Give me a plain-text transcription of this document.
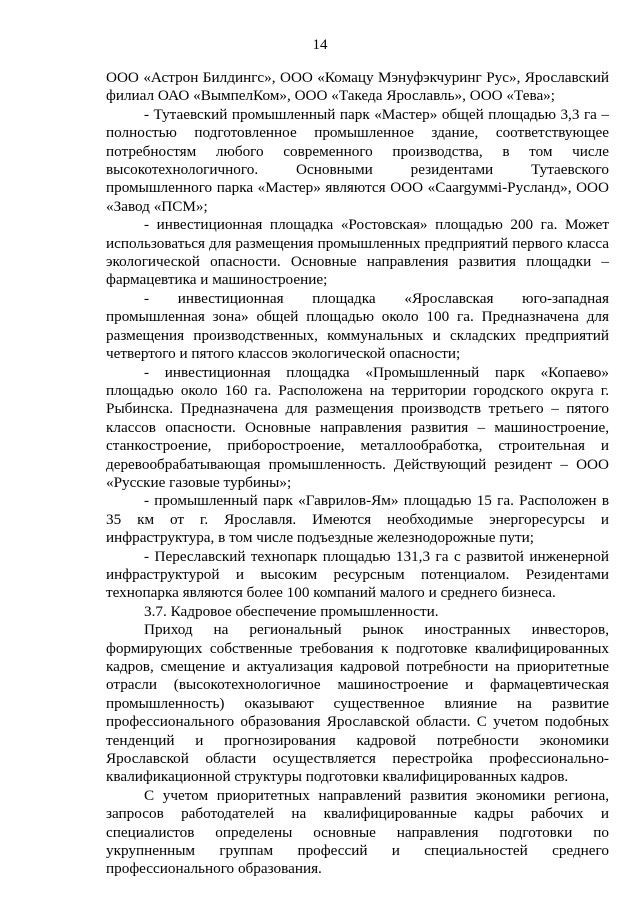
14

ООО «Астрон Билдингс», ООО «Комацу Мэнуфэкчуринг Рус», Ярославский филиал ОАО «ВымпелКом», ООО «Такеда Ярославль», ООО «Тева»;

- Тутаевский промышленный парк «Мастер» общей площадью 3,3 га – полностью подготовленное промышленное здание, соответствующее потребностям любого современного производства, в том числе высокотехнологичного. Основными резидентами Тутаевского промышленного парка «Мастер» являются ООО «Саargуммi-Русланд», ООО «Завод «ПСМ»;

- инвестиционная площадка «Ростовская» площадью 200 га. Может использоваться для размещения промышленных предприятий первого класса экологической опасности. Основные направления развития площадки – фармацевтика и машиностроение;

- инвестиционная площадка «Ярославская юго-западная промышленная зона» общей площадью около 100 га. Предназначена для размещения производственных, коммунальных и складских предприятий четвертого и пятого классов экологической опасности;

- инвестиционная площадка «Промышленный парк «Копаево» площадью около 160 га. Расположена на территории городского округа г. Рыбинска. Предназначена для размещения производств третьего – пятого классов опасности. Основные направления развития – машиностроение, станкостроение, приборостроение, металлообработка, строительная и деревообрабатывающая промышленность. Действующий резидент – ООО «Русские газовые турбины»;

- промышленный парк «Гаврилов-Ям» площадью 15 га. Расположен в 35 км от г. Ярославля. Имеются необходимые энергоресурсы и инфраструктура, в том числе подъездные железнодорожные пути;

- Переславский технопарк площадью 131,3 га с развитой инженерной инфраструктурой и высоким ресурсным потенциалом. Резидентами технопарка являются более 100 компаний малого и среднего бизнеса.

3.7. Кадровое обеспечение промышленности.

Приход на региональный рынок иностранных инвесторов, формирующих собственные требования к подготовке квалифицированных кадров, смещение и актуализация кадровой потребности на приоритетные отрасли (высокотехнологичное машиностроение и фармацевтическая промышленность) оказывают существенное влияние на развитие профессионального образования Ярославской области. С учетом подобных тенденций и прогнозирования кадровой потребности экономики Ярославской области осуществляется перестройка профессионально-квалификационной структуры подготовки квалифицированных кадров.

С учетом приоритетных направлений развития экономики региона, запросов работодателей на квалифицированные кадры рабочих и специалистов определены основные направления подготовки по укрупненным группам профессий и специальностей среднего профессионального образования.
